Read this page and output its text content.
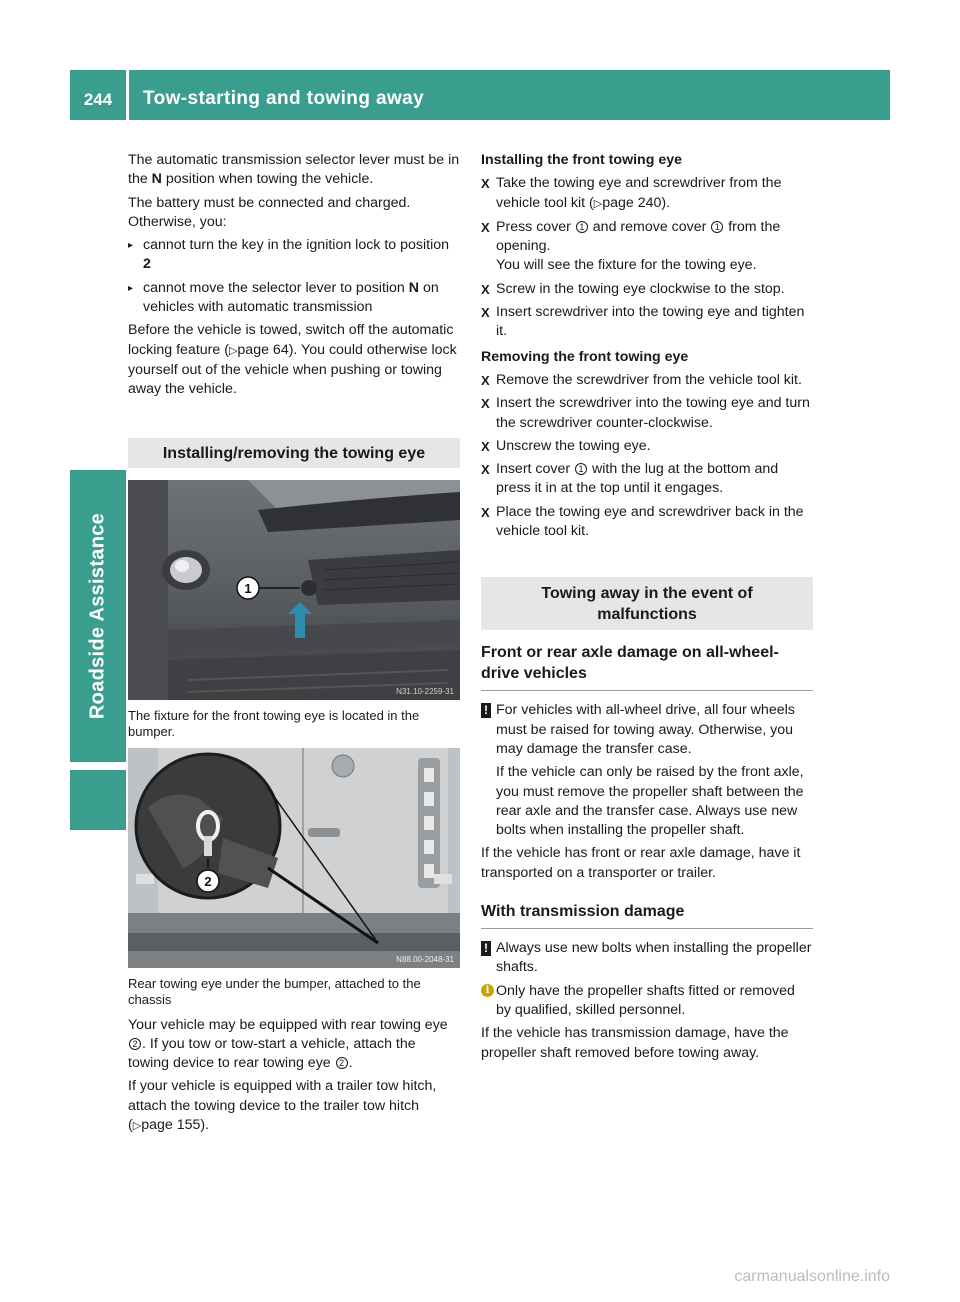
244	Tow-starting and towing away
Roadside Assistance

The automatic transmission selector lever must be in the N position when towing the vehicle.

The battery must be connected and charged. Otherwise, you:

▸ cannot turn the key in the ignition lock to position 2
▸ cannot move the selector lever to position N on vehicles with automatic transmission

Before the vehicle is towed, switch off the automatic locking feature (▷page 64). You could otherwise lock yourself out of the vehicle when pushing or towing away the vehicle.

Installing/removing the towing eye
1
N31.10-2259-31
The fixture for the front towing eye is located in the bumper.
2
N88.00-2048-31
Rear towing eye under the bumper, attached to the chassis

Your vehicle may be equipped with rear towing eye 2 . If you tow or tow-start a vehicle, attach the towing device to rear towing eye 2 .

If your vehicle is equipped with a trailer tow hitch, attach the towing device to the trailer tow hitch (▷page 155).

Installing the front towing eye

X Take the towing eye and screwdriver from the vehicle tool kit (▷page 240).
X Press cover 1 and remove cover 1 from the opening.
You will see the fixture for the towing eye.
X Screw in the towing eye clockwise to the stop.
X Insert screwdriver into the towing eye and tighten it.

Removing the front towing eye

X Remove the screwdriver from the vehicle tool kit.
X Insert the screwdriver into the towing eye and turn the screwdriver counter-clockwise.
X Unscrew the towing eye.
X Insert cover 1 with the lug at the bottom and press it in at the top until it engages.
X Place the towing eye and screwdriver back in the vehicle tool kit.
Towing away in the event of malfunctions
Front or rear axle damage on all-wheel-drive vehicles
! For vehicles with all-wheel drive, all four wheels must be raised for towing away. Otherwise, you may damage the transfer case.

If the vehicle can only be raised by the front axle, you must remove the propeller shaft between the rear axle and the transfer case. Always use new bolts when installing the propeller shaft.

If the vehicle has front or rear axle damage, have it transported on a transporter or trailer.

With transmission damage
! Always use new bolts when installing the propeller shafts.

i Only have the propeller shafts fitted or removed by qualified, skilled personnel.

If the vehicle has transmission damage, have the propeller shaft removed before towing away.

carmanualsonline.info
